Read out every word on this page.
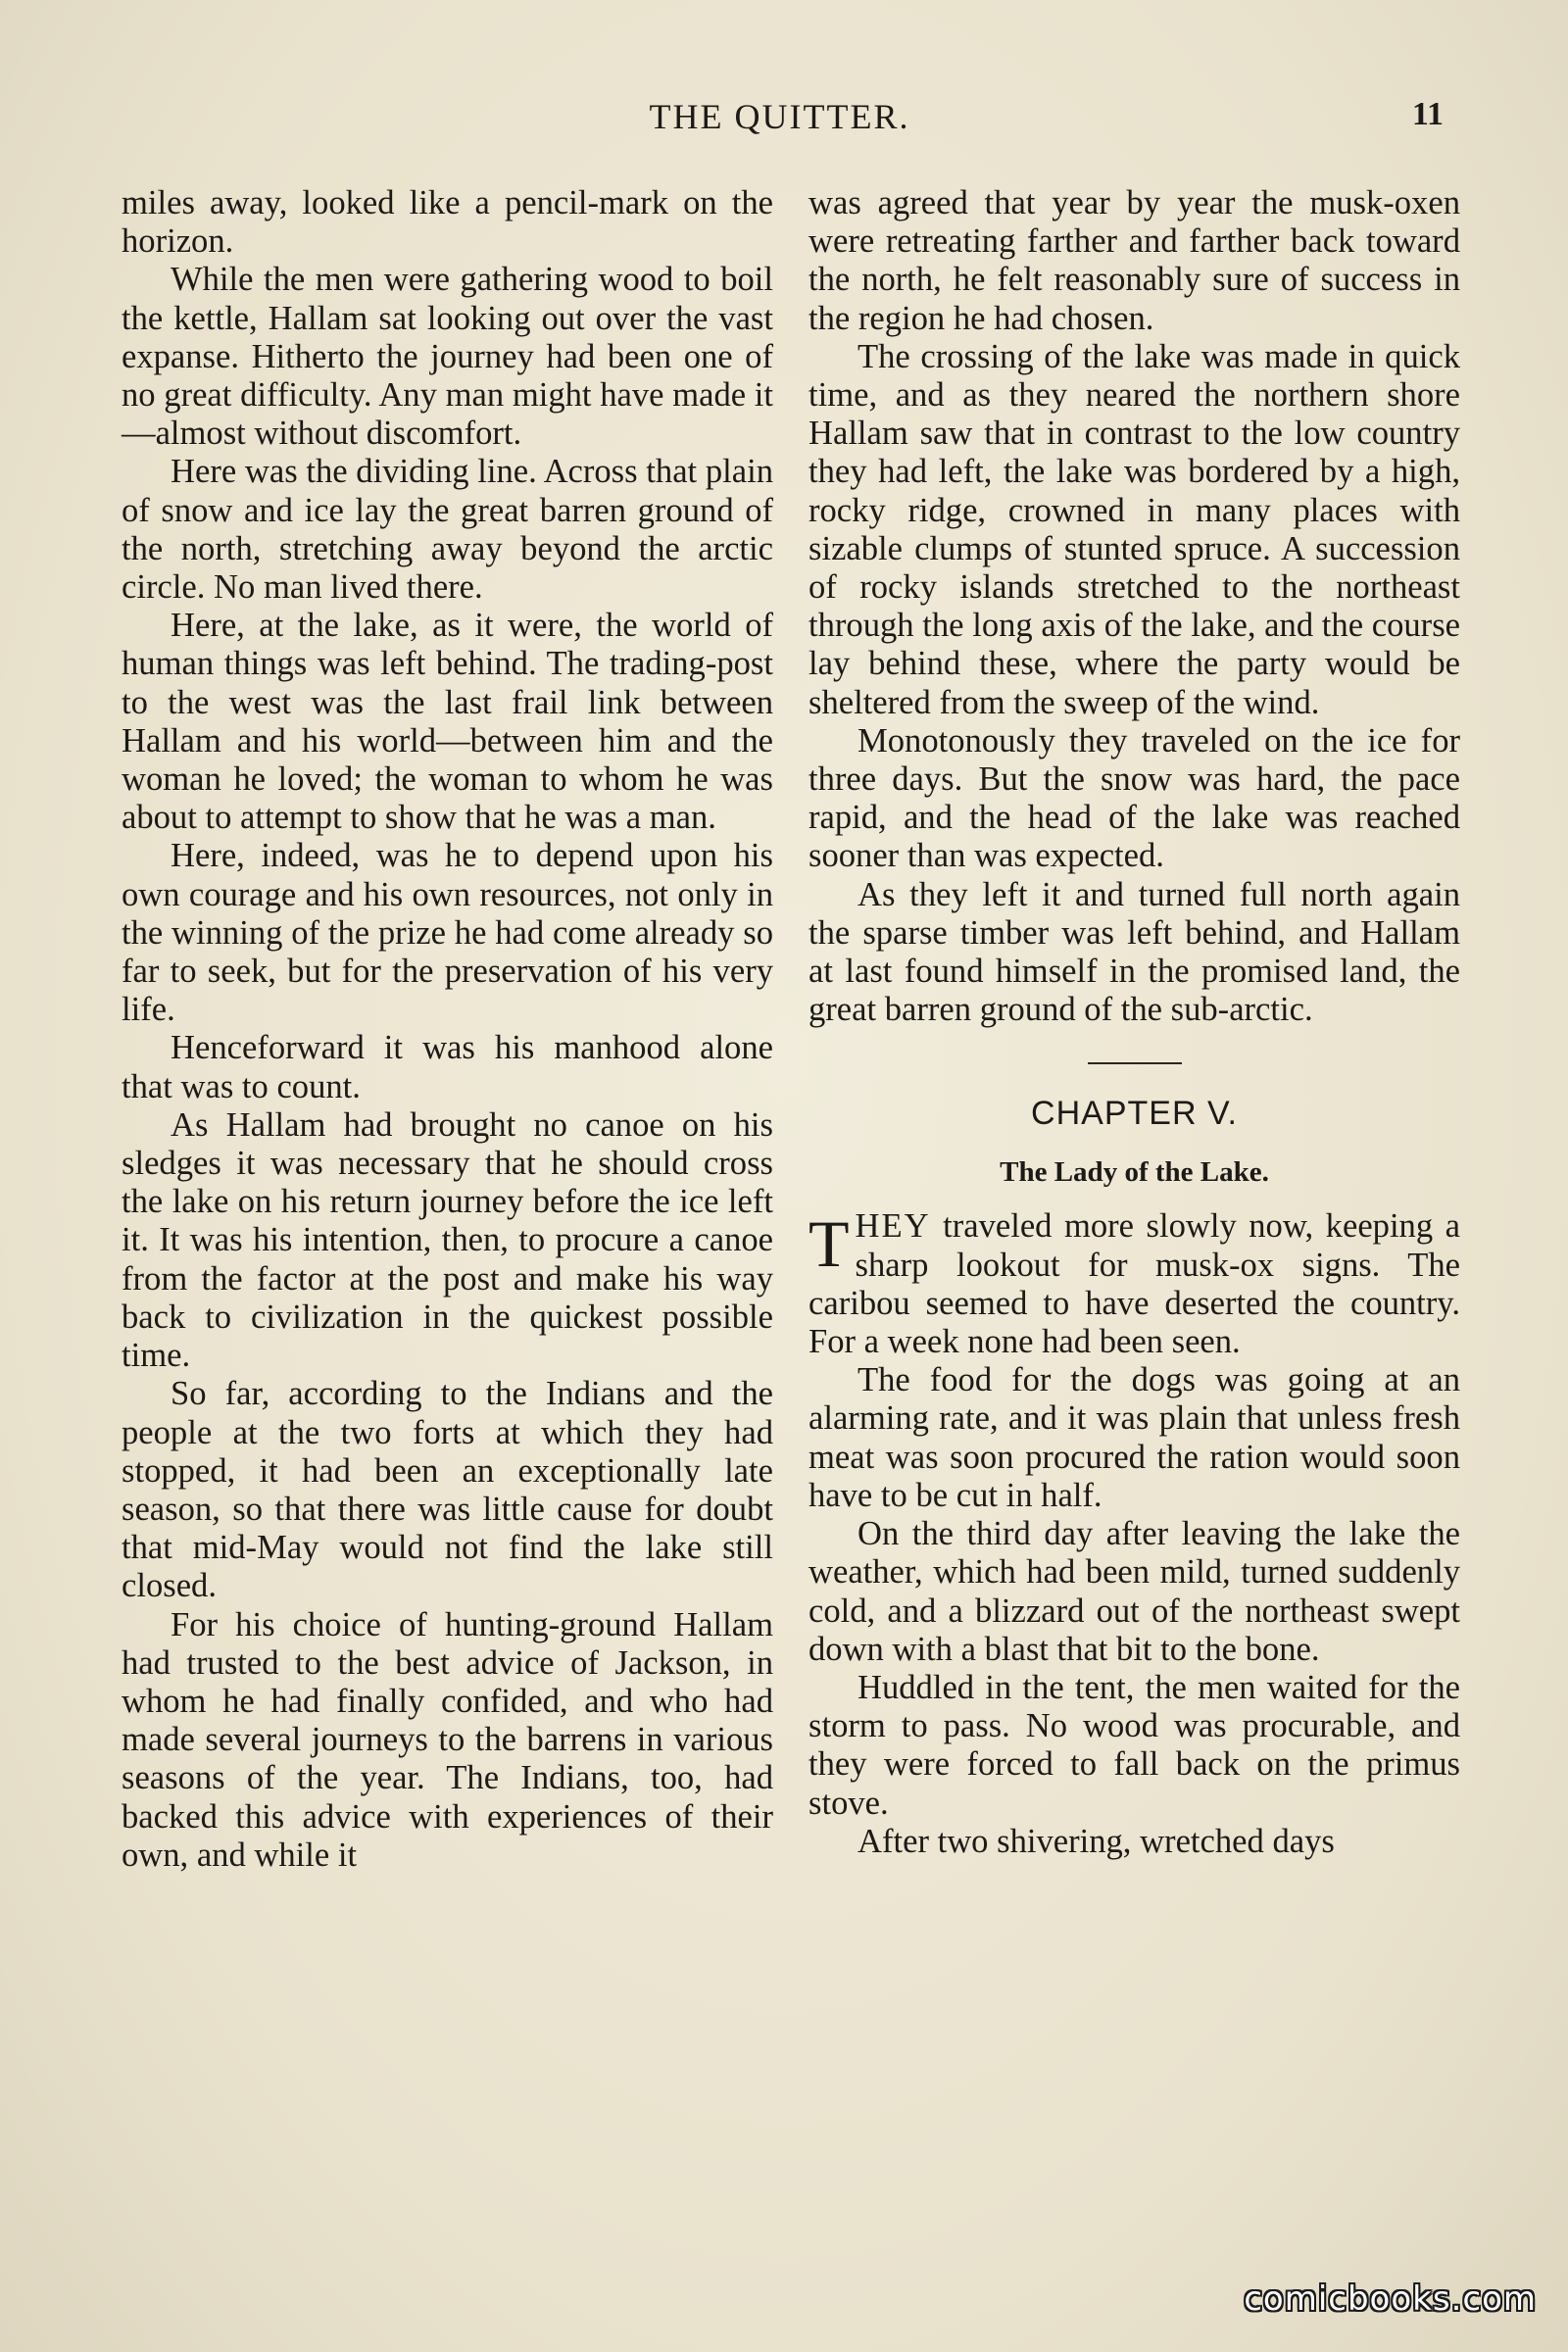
THE QUITTER.	11

miles away, looked like a pencil-mark on the horizon.

While the men were gathering wood to boil the kettle, Hallam sat looking out over the vast expanse. Hitherto the journey had been one of no great difficulty. Any man might have made it—almost without discomfort.

Here was the dividing line. Across that plain of snow and ice lay the great barren ground of the north, stretching away beyond the arctic circle. No man lived there.

Here, at the lake, as it were, the world of human things was left behind. The trading-post to the west was the last frail link between Hallam and his world—between him and the woman he loved; the woman to whom he was about to attempt to show that he was a man.

Here, indeed, was he to depend upon his own courage and his own resources, not only in the winning of the prize he had come already so far to seek, but for the preservation of his very life.

Henceforward it was his manhood alone that was to count.

As Hallam had brought no canoe on his sledges it was necessary that he should cross the lake on his return journey before the ice left it. It was his intention, then, to procure a canoe from the factor at the post and make his way back to civilization in the quickest possible time.

So far, according to the Indians and the people at the two forts at which they had stopped, it had been an exceptionally late season, so that there was little cause for doubt that mid-May would not find the lake still closed.

For his choice of hunting-ground Hallam had trusted to the best advice of Jackson, in whom he had finally confided, and who had made several journeys to the barrens in various seasons of the year. The Indians, too, had backed this advice with experiences of their own, and while it

was agreed that year by year the musk-oxen were retreating farther and farther back toward the north, he felt reasonably sure of success in the region he had chosen.

The crossing of the lake was made in quick time, and as they neared the northern shore Hallam saw that in contrast to the low country they had left, the lake was bordered by a high, rocky ridge, crowned in many places with sizable clumps of stunted spruce. A succession of rocky islands stretched to the northeast through the long axis of the lake, and the course lay behind these, where the party would be sheltered from the sweep of the wind.

Monotonously they traveled on the ice for three days. But the snow was hard, the pace rapid, and the head of the lake was reached sooner than was expected.

As they left it and turned full north again the sparse timber was left behind, and Hallam at last found himself in the promised land, the great barren ground of the sub-arctic.

CHAPTER V.
The Lady of the Lake.

THEY traveled more slowly now, keeping a sharp lookout for musk-ox signs. The caribou seemed to have deserted the country. For a week none had been seen.

The food for the dogs was going at an alarming rate, and it was plain that unless fresh meat was soon procured the ration would soon have to be cut in half.

On the third day after leaving the lake the weather, which had been mild, turned suddenly cold, and a blizzard out of the northeast swept down with a blast that bit to the bone.

Huddled in the tent, the men waited for the storm to pass. No wood was procurable, and they were forced to fall back on the primus stove.

After two shivering, wretched days

comicbooks.com
